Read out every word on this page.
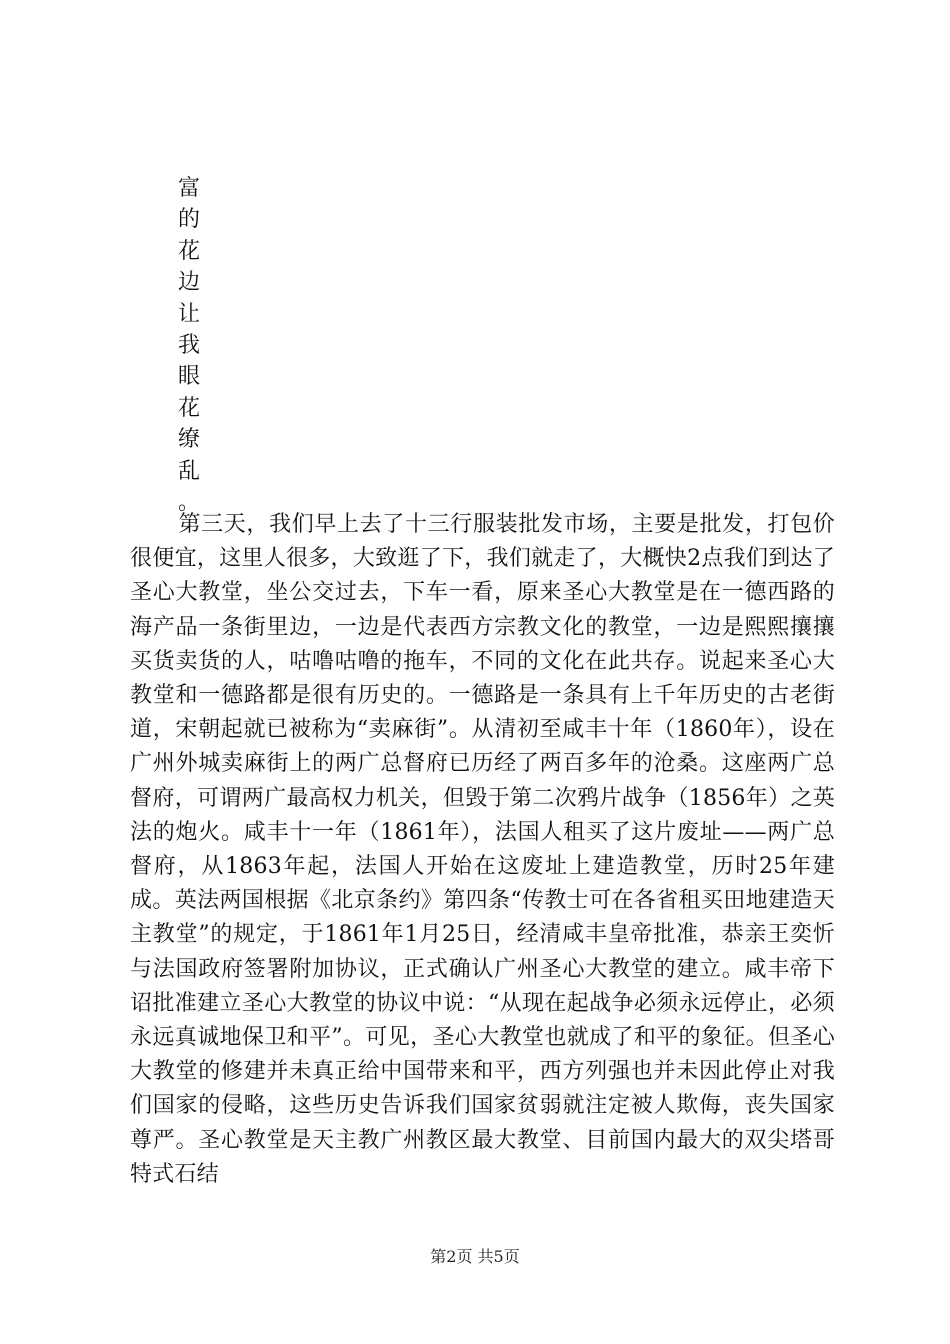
富
的
花
边
让
我
眼
花
缭
乱
。
第三天，我们早上去了十三行服装批发市场，主要是批发，打包价很便宜，这里人很多，大致逛了下，我们就走了，大概快2点我们到达了圣心大教堂，坐公交过去，下车一看，原来圣心大教堂是在一德西路的海产品一条街里边，一边是代表西方宗教文化的教堂，一边是熙熙攘攘买货卖货的人，咕噜咕噜的拖车，不同的文化在此共存。说起来圣心大教堂和一德路都是很有历史的。一德路是一条具有上千年历史的古老街道，宋朝起就已被称为“卖麻街”。从清初至咸丰十年（1860年），设在广州外城卖麻街上的两广总督府已历经了两百多年的沧桑。这座两广总督府，可谓两广最高权力机关，但毁于第二次鸦片战争（1856年）之英法的炮火。咸丰十一年（1861年），法国人租买了这片废址——两广总督府，从1863年起，法国人开始在这废址上建造教堂，历时25年建成。英法两国根据《北京条约》第四条“传教士可在各省租买田地建造天主教堂”的规定，于1861年1月25日，经清咸丰皇帝批准，恭亲王奕忻与法国政府签署附加协议，正式确认广州圣心大教堂的建立。咸丰帝下诏批准建立圣心大教堂的协议中说：“从现在起战争必须永远停止，必须永远真诚地保卫和平”。可见，圣心大教堂也就成了和平的象征。但圣心大教堂的修建并未真正给中国带来和平，西方列强也并未因此停止对我们国家的侵略，这些历史告诉我们国家贫弱就注定被人欺侮，丧失国家尊严。圣心教堂是天主教广州教区最大教堂、目前国内最大的双尖塔哥特式石结
第2页 共5页
